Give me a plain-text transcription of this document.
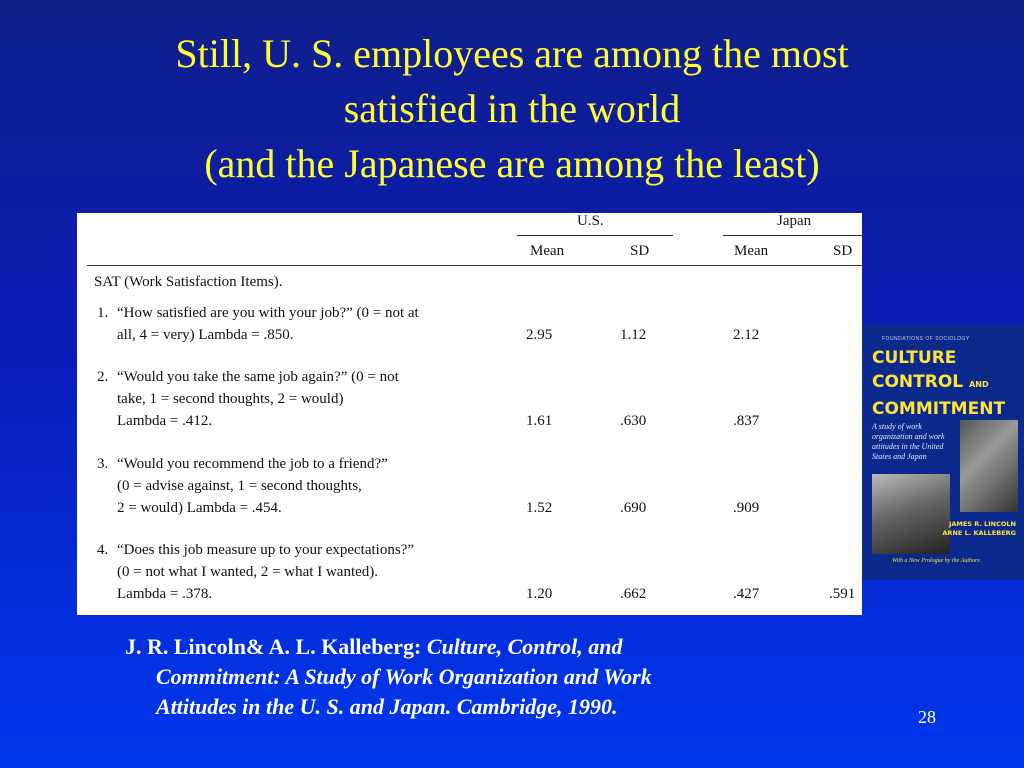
Still, U. S. employees are among the most
satisfied in the world
(and the Japanese are among the least)
U.S.	Japan
Mean	SD	Mean	SD
SAT (Work Satisfaction Items).
1. “How satisfied are you with your job?” (0 = not at
all, 4 = very) Lambda = .850.	2.95	1.12	2.12
2. “Would you take the same job again?” (0 = not
take, 1 = second thoughts, 2 = would)
Lambda = .412.	1.61	.630	.837
3. “Would you recommend the job to a friend?”
(0 = advise against, 1 = second thoughts,
2 = would) Lambda = .454.	1.52	.690	.909
4. “Does this job measure up to your expectations?”
(0 = not what I wanted, 2 = what I wanted).
Lambda = .378.	1.20	.662	.427	.591
FOUNDATIONS OF SOCIOLOGY
CULTURE
CONTROL AND
COMMITMENT
A study of work organization and work attitudes in the United States and Japan
JAMES R. LINCOLN
ARNE L. KALLEBERG
With a New Prologue by the Authors
J. R. Lincoln& A. L. Kalleberg: Culture, Control, and
Commitment: A Study of Work Organization and Work
Attitudes in the U. S. and Japan. Cambridge, 1990.	28
